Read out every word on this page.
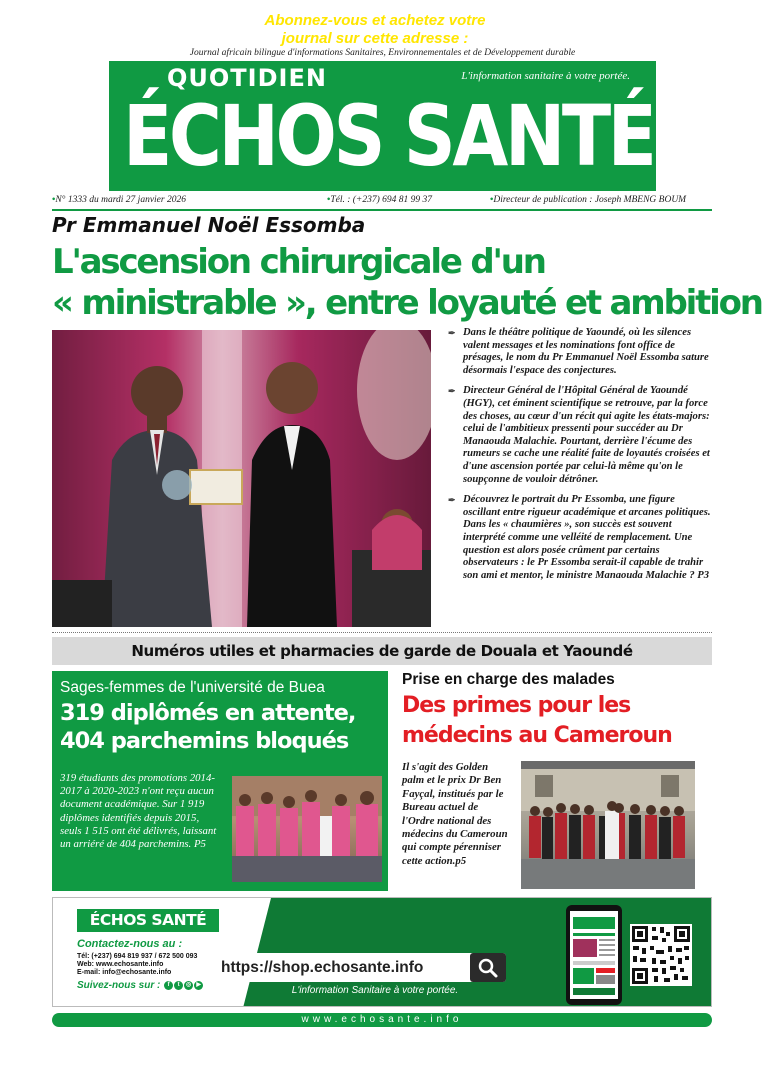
Journal africain bilingue d'informations Sanitaires, Environnementales et de Développement durable
QUOTIDIEN	L'information sanitaire à votre portée.
ÉCHOS SANTÉ
•N° 1333 du mardi 27 janvier 2026	•Tél. : (+237) 694 81 99 37	•Directeur de publication : Joseph MBENG BOUM
Pr Emmanuel Noël Essomba
L'ascension chirurgicale d'un
« ministrable », entre loyauté et ambition

✒ Dans le théâtre politique de Yaoundé, où les silences valent messages et les nominations font office de présages, le nom du Pr Emmanuel Noël Essomba sature désormais l'espace des conjectures.

✒ Directeur Général de l'Hôpital Général de Yaoundé (HGY), cet éminent scientifique se retrouve, par la force des choses, au cœur d'un récit qui agite les états-majors: celui de l'ambitieux pressenti pour succéder au Dr Manaouda Malachie. Pourtant, derrière l'écume des rumeurs se cache une réalité faite de loyautés croisées et d'une ascension portée par celui-là même qu'on le soupçonne de vouloir détrôner.

✒ Découvrez le portrait du Pr Essomba, une figure oscillant entre rigueur académique et arcanes politiques. Dans les « chaumières », son succès est souvent interprété comme une velléité de remplacement. Une question est alors posée crûment par certains observateurs : le Pr Essomba serait-il capable de trahir son ami et mentor, le ministre Manaouda Malachie ? P3

Numéros utiles et pharmacies de garde de Douala et Yaoundé
Sages-femmes de l'université de Buea
319 diplômés en attente,
404 parchemins bloqués
319 étudiants des promotions 2014-2017 à 2020-2023 n'ont reçu aucun document académique. Sur 1 919 diplômes identifiés depuis 2015, seuls 1 515 ont été délivrés, laissant un arriéré de 404 parchemins. P5
Prise en charge des malades
Des primes pour les
médecins au Cameroun
Il s'agit des Golden palm et le prix Dr Ben Fayçal, institués par le Bureau actuel de l'Ordre national des médecins du Cameroun qui compte pérenniser cette action.p5
ÉCHOS SANTÉ
Contactez-nous au :
Tél: (+237) 694 819 937 / 672 500 093
Web: www.echosante.info
E-mail: info@echosante.info
Suivez-nous sur : f t ◎ ▶
Abonnez-vous et achetez votre
journal sur cette adresse :
https://shop.echosante.info
L'information Sanitaire à votre portée.
www.echosante.info
